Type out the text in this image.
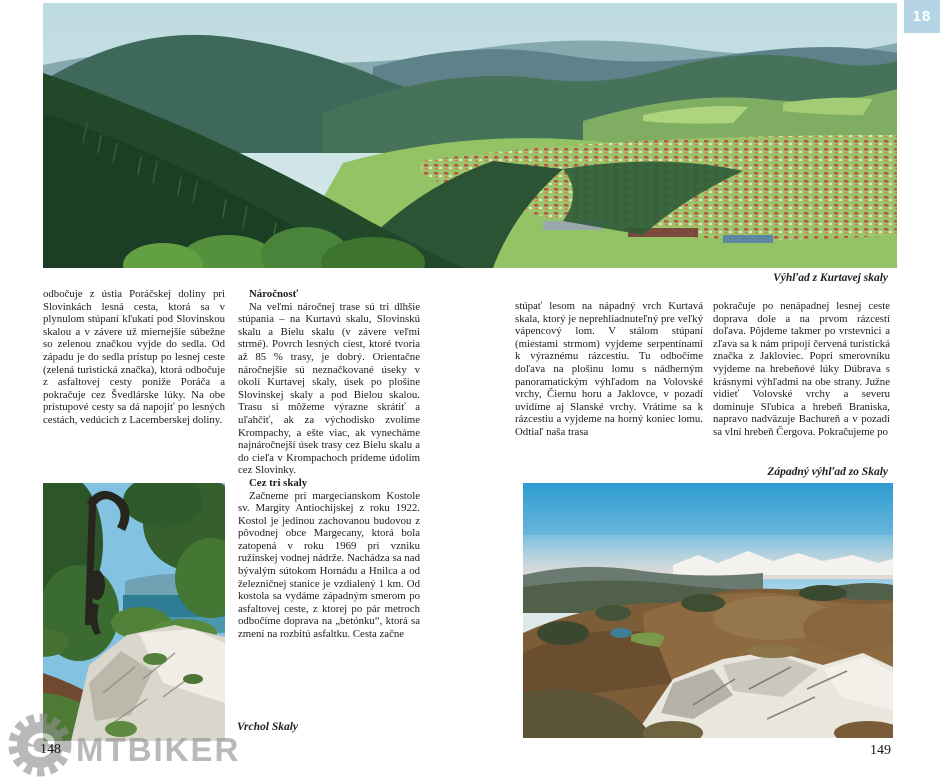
18
Výhľad z Kurtavej skaly
Západný výhľad zo Skaly
Vrchol Skaly

odbočuje z ústia Poráčskej doliny pri Slovinkách lesná cesta, ktorá sa v plynulom stúpaní kľukatí pod Slovinskou skalou a v závere už miernejšie súbežne so zelenou značkou vyjde do sedla. Od západu je do sedla prístup po lesnej ceste (zelená turistická značka), ktorá odbočuje z asfaltovej cesty poniže Poráča a pokračuje cez Švedlárske lúky. Na obe prístupové cesty sa dá napojiť po lesných cestách, vedúcich z Lacemberskej doliny.

Náročnosť

Na veľmi náročnej trase sú tri dlhšie stúpania – na Kurtavú skalu, Slovinskú skalu a Bielu skalu (v závere veľmi strmé). Povrch lesných ciest, ktoré tvoria až 85 % trasy, je dobrý. Orientačne náročnejšie sú neznačkované úseky v okolí Kurtavej skaly, úsek po plošine Slovinskej skaly a pod Bielou skalou. Trasu si môžeme výrazne skrátiť a uľahčiť, ak za východisko zvolíme Krompachy, a ešte viac, ak vynecháme najnáročnejší úsek trasy cez Bielu skalu a do cieľa v Krompachoch prídeme údolím cez Slovinky.

Cez tri skaly

Začneme pri margecianskom Kostole sv. Margity Antiochijskej z roku 1922. Kostol je jedinou zachovanou budovou z pôvodnej obce Margecany, ktorá bola zatopená v roku 1969 pri vzniku ružínskej vodnej nádrže. Nachádza sa nad bývalým sútokom Hornádu a Hnilca a od železničnej stanice je vzdialený 1 km. Od kostola sa vydáme západným smerom po asfaltovej ceste, z ktorej po pár metroch odbočíme doprava na „betónku“, ktorá sa zmení na rozbitú asfaltku. Cesta začne

stúpať lesom na nápadný vrch Kurtavá skala, ktorý je neprehliadnuteľný pre veľký vápencový lom. V stálom stúpaní (miestami strmom) vyjdeme serpentínami k výraznému rázcestiu. Tu odbočíme doľava na plošinu lomu s nádherným panoramatickým výhľadom na Volovské vrchy, Čiernu horu a Jaklovce, v pozadí uvidíme aj Slanské vrchy. Vrátime sa k rázcestiu a vyjdeme na horný koniec lomu. Odtiaľ naša trasa

pokračuje po nenápadnej lesnej ceste doprava dole a na prvom rázcestí doľava. Pôjdeme takmer po vrstevnici a zľava sa k nám pripojí červená turistická značka z Jakloviec. Popri smerovníku vyjdeme na hrebeňové lúky Dúbrava s krásnymi výhľadmi na obe strany. Južne vidieť Volovské vrchy a severu dominuje Sľubica a hrebeň Braniska, napravo nadväzuje Bachureň a v pozadí sa vlní hrebeň Čergova. Pokračujeme po

MTBIKER
148	149
